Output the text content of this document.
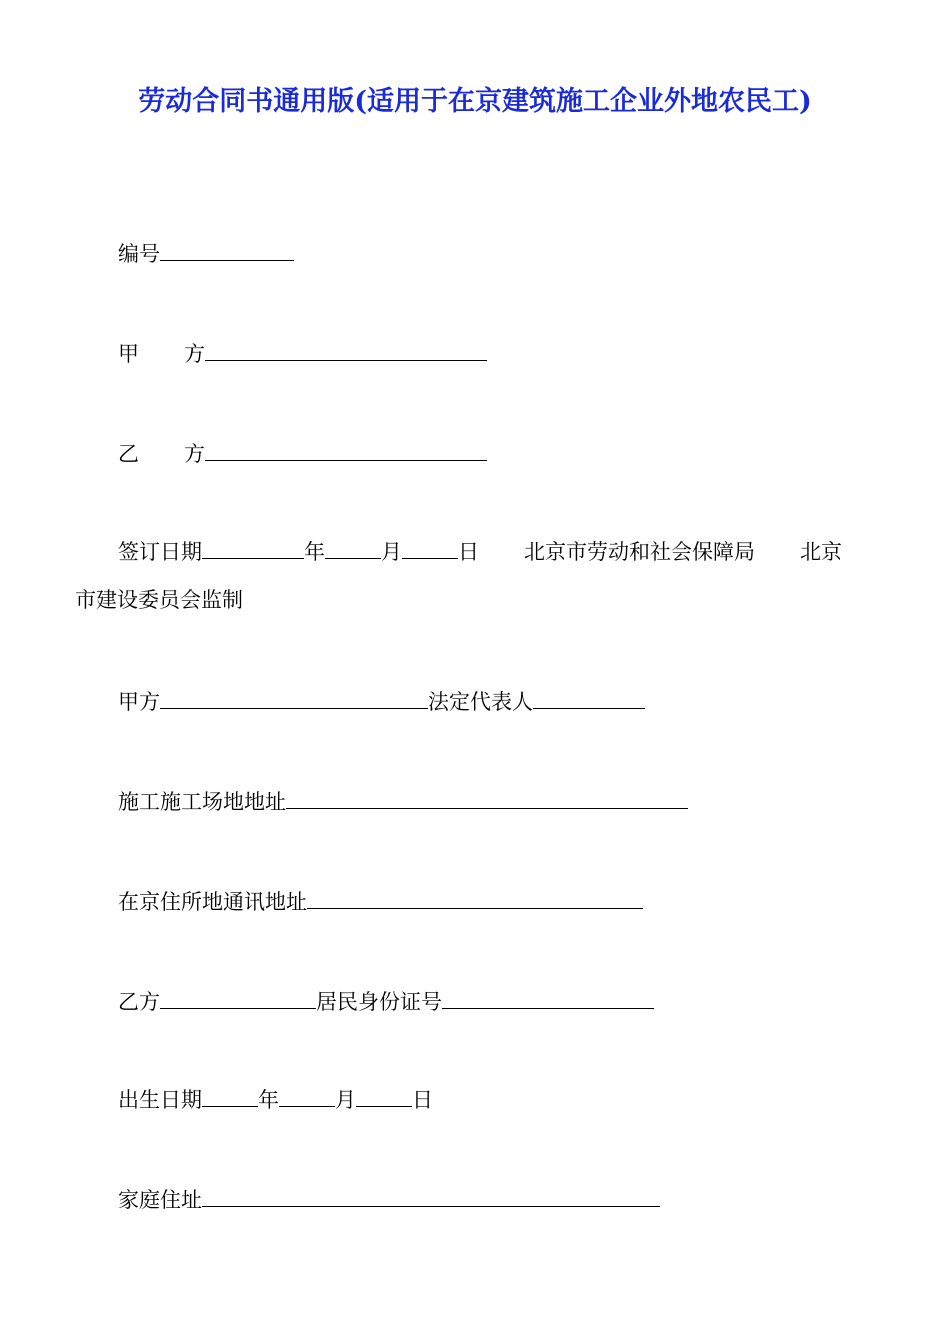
劳动合同书通用版(适用于在京建筑施工企业外地农民工)
编号
甲 方
乙 方
签订日期	年	月	日 北京市劳动和社会保障局 北京
市建设委员会监制
甲方	法定代表人
施工施工场地地址
在京住所地通讯地址
乙方	居民身份证号
出生日期	年	月	日
家庭住址
